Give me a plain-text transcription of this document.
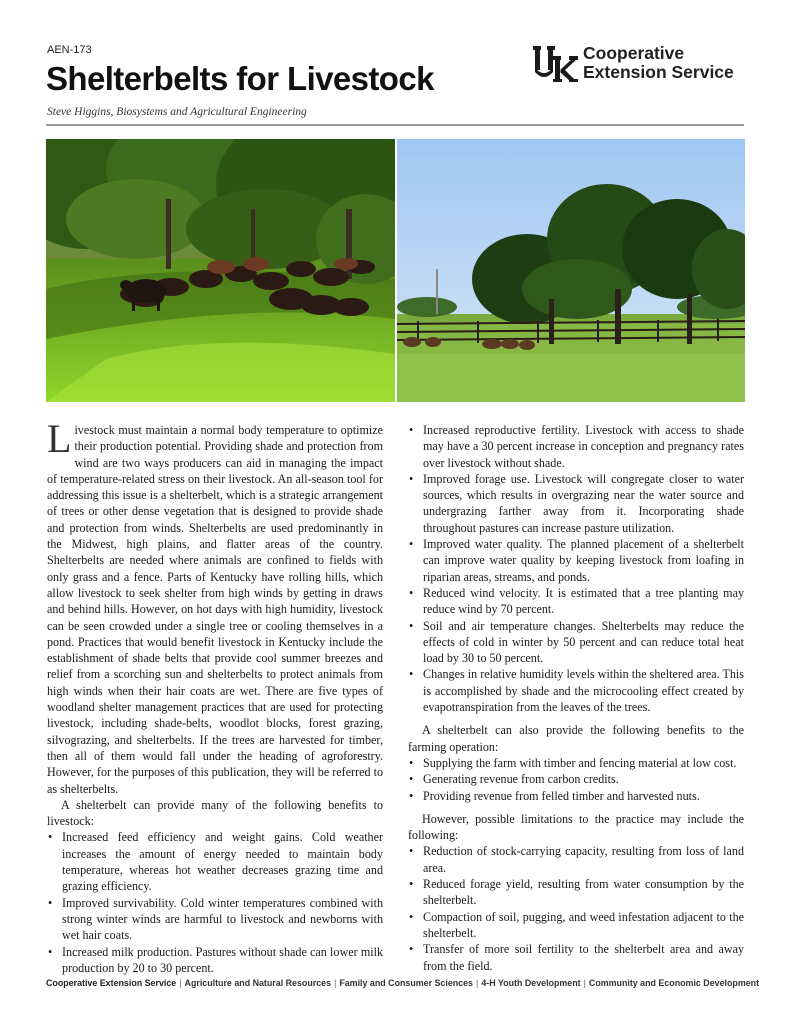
AEN-173
Shelterbelts for Livestock
Steve Higgins, Biosystems and Agricultural Engineering
Cooperative
Extension Service

Livestock must maintain a normal body temperature to optimize their production potential. Providing shade and protection from wind are two ways producers can aid in managing the impact of temperature-related stress on their livestock. An all-season tool for addressing this issue is a shelterbelt, which is a strategic arrangement of trees or other dense vegetation that is designed to provide shade and protection from winds. Shelterbelts are used predominantly in the Midwest, high plains, and flatter areas of the country. Shelterbelts are needed where animals are confined to fields with only grass and a fence. Parts of Kentucky have rolling hills, which allow livestock to seek shelter from high winds by getting in draws and behind hills. However, on hot days with high humidity, livestock can be seen crowded under a single tree or cooling themselves in a pond. Practices that would benefit livestock in Kentucky include the establishment of shade belts that provide cool summer breezes and relief from a scorching sun and shelterbelts to protect animals from high winds when their hair coats are wet. There are five types of woodland shelter management practices that are used for protecting livestock, including shade-belts, woodlot blocks, forest grazing, silvograzing, and shelterbelts. If the trees are harvested for timber, then all of them would fall under the heading of agroforestry. However, for the purposes of this publication, they will be referred to as shelterbelts.

A shelterbelt can provide many of the following benefits to livestock:

• Increased feed efficiency and weight gains. Cold weather increases the amount of energy needed to maintain body temperature, whereas hot weather decreases grazing time and grazing efficiency.
• Improved survivability. Cold winter temperatures combined with strong winter winds are harmful to livestock and newborns with wet hair coats.
• Increased milk production. Pastures without shade can lower milk production by 20 to 30 percent.
• Increased reproductive fertility. Livestock with access to shade may have a 30 percent increase in conception and pregnancy rates over livestock without shade.
• Improved forage use. Livestock will congregate closer to water sources, which results in overgrazing near the water source and undergrazing farther away from it. Incorporating shade throughout pastures can increase pasture utilization.
• Improved water quality. The planned placement of a shelterbelt can improve water quality by keeping livestock from loafing in riparian areas, streams, and ponds.
• Reduced wind velocity. It is estimated that a tree planting may reduce wind by 70 percent.
• Soil and air temperature changes. Shelterbelts may reduce the effects of cold in winter by 50 percent and can reduce total heat load by 30 to 50 percent.
• Changes in relative humidity levels within the sheltered area. This is accomplished by shade and the microcooling effect created by evapotranspiration from the leaves of the trees.

A shelterbelt can also provide the following benefits to the farming operation:

• Supplying the farm with timber and fencing material at low cost.
• Generating revenue from carbon credits.
• Providing revenue from felled timber and harvested nuts.

However, possible limitations to the practice may include the following:

• Reduction of stock-carrying capacity, resulting from loss of land area.
• Reduced forage yield, resulting from water consumption by the shelterbelt.
• Compaction of soil, pugging, and weed infestation adjacent to the shelterbelt.
• Transfer of more soil fertility to the shelterbelt area and away from the field.
Cooperative Extension Service | Agriculture and Natural Resources | Family and Consumer Sciences | 4-H Youth Development | Community and Economic Development
